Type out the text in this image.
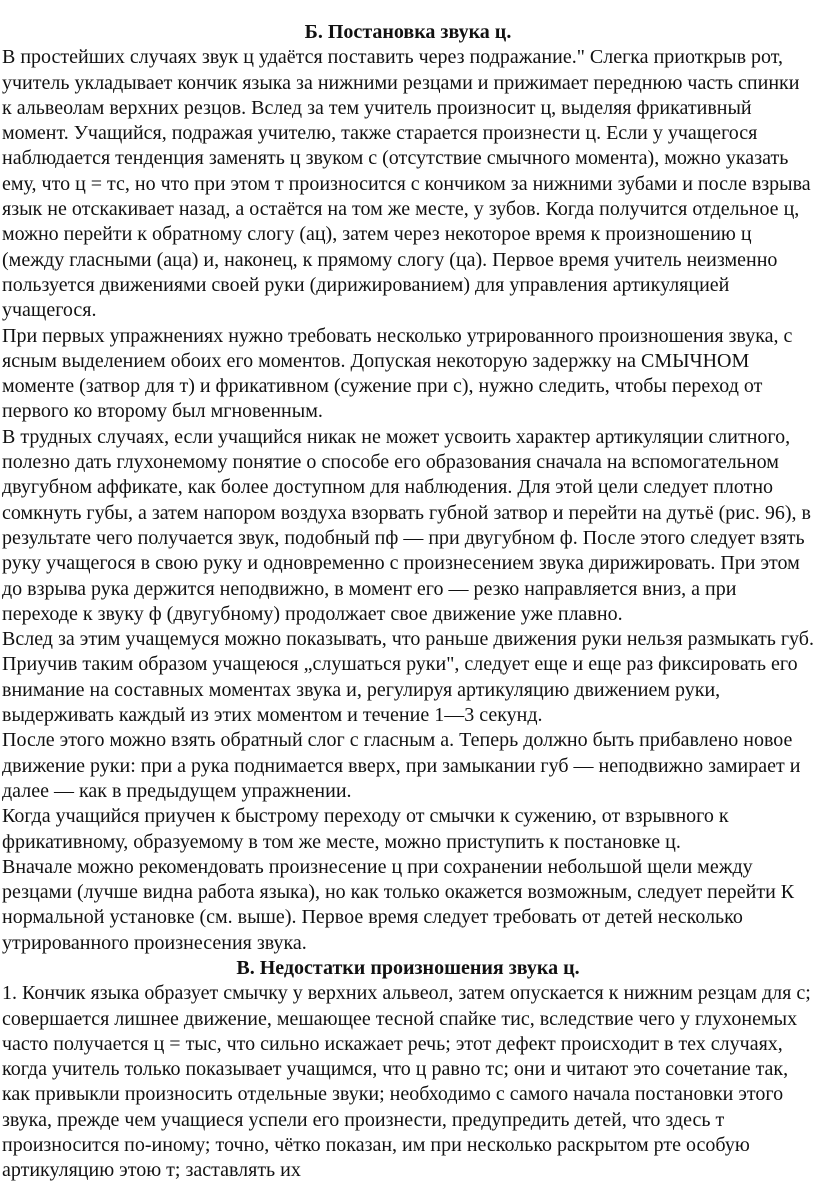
Б. Постановка звука ц.

В простейших случаях звук ц удаётся поставить через подражание." Слегка приоткрыв рот, учитель укладывает кончик языка за нижними резцами и прижимает переднюю часть спинки к альвеолам верхних резцов. Вслед за тем учитель произносит ц, выделяя фрикативный момент. Учащийся, подражая учителю, также старается произнести ц. Если у учащегося наблюдается тенденция заменять ц звуком с (отсутствие смычного момента), можно указать ему, что ц = тс, но что при этом т произносится с кончиком за нижними зубами и после взрыва язык не отскакивает назад, а остаётся на том же месте, у зубов. Когда получится отдельное ц, можно перейти к обратному слогу (ац), затем через некоторое время к произношению ц (между гласными (аца) и, наконец, к прямому слогу (ца). Первое время учитель неизменно пользуется движениями своей руки (дирижированием) для управления артикуляцией учащегося.

При первых упражнениях нужно требовать несколько утрированного произношения звука, с ясным выделением обоих его моментов. Допуская некоторую задержку на СМЫЧНОМ моменте (затвор для т) и фрикативном (сужение при с), нужно следить, чтобы переход от первого ко второму был мгновенным.

В трудных случаях, если учащийся никак не может усвоить характер артикуляции слитного, полезно дать глухонемому понятие о способе его образования сначала на вспомогательном двугубном аффикате, как более доступном для наблюдения. Для этой цели следует плотно сомкнуть губы, а затем напором воздуха взорвать губной затвор и перейти на дутьё (рис. 96), в результате чего получается звук, подобный пф — при двугубном ф. После этого следует взять руку учащегося в свою руку и одновременно с произнесением звука дирижировать. При этом до взрыва рука держится неподвижно, в момент его — резко направляется вниз, а при переходе к звуку ф (двугубному) продолжает свое движение уже плавно.

Вслед за этим учащемуся можно показывать, что раньше движения руки нельзя размыкать губ. Приучив таким образом учащеюся „слушаться руки", следует еще и еще раз фиксировать его внимание на составных моментах звука и, регулируя артикуляцию движением руки, выдерживать каждый из этих моментом и течение 1—3 секунд.

После этого можно взять обратный слог с гласным а. Теперь должно быть прибавлено новое движение руки: при а рука поднимается вверх, при замыкании губ — неподвижно замирает и далее — как в предыдущем упражнении.

Когда учащийся приучен к быстрому переходу от смычки к сужению, от взрывного к фрикативному, образуемому в том же месте, можно приступить к постановке ц.

Вначале можно рекомендовать произнесение ц при сохранении небольшой щели между резцами (лучше видна работа языка), но как только окажется возможным, следует перейти К нормальной установке (см. выше). Первое время следует требовать от детей несколько утрированного произнесения звука.

В. Недостатки произношения звука ц.

1. Кончик языка образует смычку у верхних альвеол, затем опускается к нижним резцам для с; совершается лишнее движение, мешающее тесной спайке тис, вследствие чего у глухонемых часто получается ц = тыс, что сильно искажает речь; этот дефект происходит в тех случаях, когда учитель только показывает учащимся, что ц равно тс; они и читают это сочетание так, как привыкли произносить отдельные звуки; необходимо с самого начала постановки этого звука, прежде чем учащиеся успели его произнести, предупредить детей, что здесь т произносится по-иному; точно, чётко показан, им при несколько раскрытом рте особую артикуляцию этою т; заставлять их
